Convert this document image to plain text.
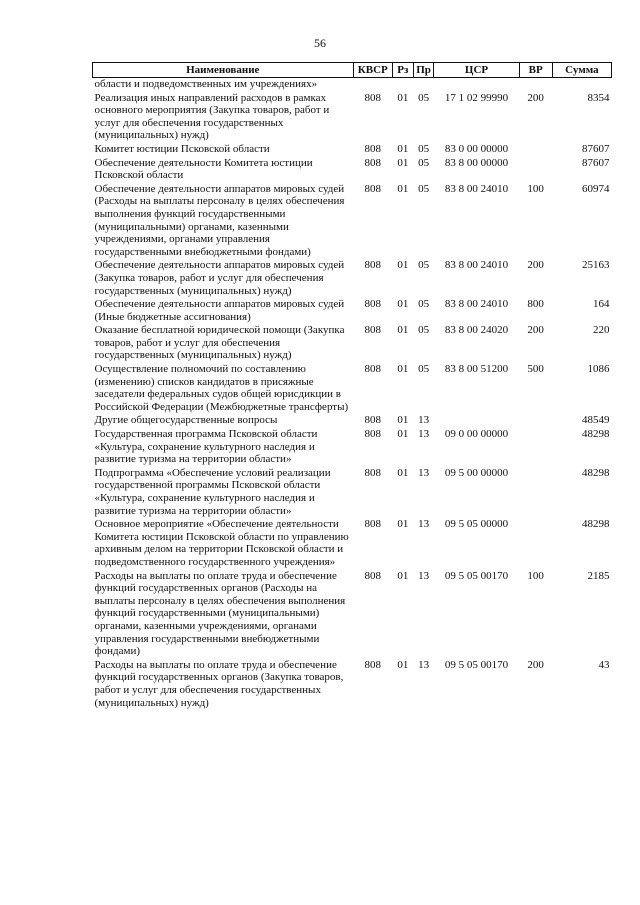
56
Наименование	КВСР	Рз	Пр	ЦСР	ВР	Сумма
области и подведомственных им учреждениях»						
Реализация иных направлений расходов в рамках основного мероприятия (Закупка товаров, работ и услуг для обеспечения государственных (муниципальных) нужд)	808	01	05	17 1 02 99990	200	8354
Комитет юстиции Псковской области	808	01	05	83 0 00 00000		87607
Обеспечение деятельности Комитета юстиции Псковской области	808	01	05	83 8 00 00000		87607
Обеспечение деятельности аппаратов мировых судей (Расходы на выплаты персоналу в целях обеспечения выполнения функций государственными (муниципальными) органами, казенными учреждениями, органами управления государственными внебюджетными фондами)	808	01	05	83 8 00 24010	100	60974
Обеспечение деятельности аппаратов мировых судей (Закупка товаров, работ и услуг для обеспечения государственных (муниципальных) нужд)	808	01	05	83 8 00 24010	200	25163
Обеспечение деятельности аппаратов мировых судей (Иные бюджетные ассигнования)	808	01	05	83 8 00 24010	800	164
Оказание бесплатной юридической помощи (Закупка товаров, работ и услуг для обеспечения государственных (муниципальных) нужд)	808	01	05	83 8 00 24020	200	220
Осуществление полномочий по составлению (изменению) списков кандидатов в присяжные заседатели федеральных судов общей юрисдикции в Российской Федерации (Межбюджетные трансферты)	808	01	05	83 8 00 51200	500	1086
Другие общегосударственные вопросы	808	01	13			48549
Государственная программа Псковской области «Культура, сохранение культурного наследия и развитие туризма на территории области»	808	01	13	09 0 00 00000		48298
Подпрограмма «Обеспечение условий реализации государственной программы Псковской области «Культура, сохранение культурного наследия и развитие туризма на территории области»	808	01	13	09 5 00 00000		48298
Основное мероприятие «Обеспечение деятельности Комитета юстиции Псковской области по управлению архивным делом на территории Псковской области и подведомственного государственного учреждения»	808	01	13	09 5 05 00000		48298
Расходы на выплаты по оплате труда и обеспечение функций государственных органов (Расходы на выплаты персоналу в целях обеспечения выполнения функций государственными (муниципальными) органами, казенными учреждениями, органами управления государственными внебюджетными фондами)	808	01	13	09 5 05 00170	100	2185
Расходы на выплаты по оплате труда и обеспечение функций государственных органов (Закупка товаров, работ и услуг для обеспечения государственных (муниципальных) нужд)	808	01	13	09 5 05 00170	200	43
